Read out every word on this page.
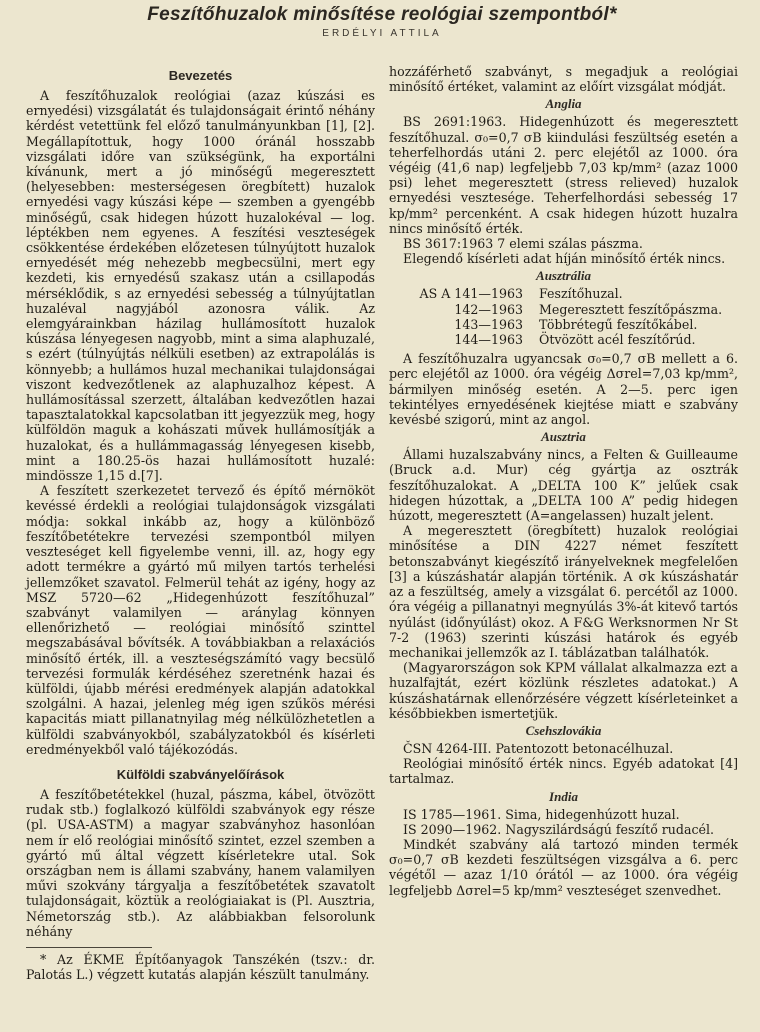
Feszítőhuzalok minősítése reológiai szempontból*
ERDÉLYI ATTILA
Bevezetés

A feszítőhuzalok reológiai (azaz kúszási es ernyedési) vizsgálatát és tulajdonságait érintő néhány kérdést vetettünk fel előző tanulmányunkban [1], [2]. Megállapítottuk, hogy 1000 óránál hosszabb vizsgálati időre van szükségünk, ha exportálni kívánunk, mert a jó minőségű megeresztett (helyesebben: mesterségesen öregbített) huzalok ernyedési vagy kúszási képe — szemben a gyengébb minőségű, csak hidegen húzott huzalokéval — log. léptékben nem egyenes. A feszítési veszteségek csökkentése érdekében előzetesen túlnyújtott huzalok ernyedését még nehezebb megbecsülni, mert egy kezdeti, kis ernyedésű szakasz után a csillapodás mérséklődik, s az ernyedési sebesség a túlnyújtatlan huzaléval nagyjából azonosra válik. Az elemgyárainkban házilag hullámosított huzalok kúszása lényegesen nagyobb, mint a sima alaphuzalé, s ezért (túlnyújtás nélküli esetben) az extrapolálás is könnyebb; a hullámos huzal mechanikai tulajdonságai viszont kedvezőtlenek az alaphuzalhoz képest. A hullámosítással szerzett, általában kedvezőtlen hazai tapasztalatokkal kapcsolatban itt jegyezzük meg, hogy külföldön maguk a kohászati művek hullámosítják a huzalokat, és a hullámmagasság lényegesen kisebb, mint a 180.25-ös hazai hullámosított huzalé: mindössze 1,15 d.[7].

A feszített szerkezetet tervező és építő mérnököt kevéssé érdekli a reológiai tulajdonságok vizsgálati módja: sokkal inkább az, hogy a különböző feszítőbetétekre tervezési szempontból milyen veszteséget kell figyelembe venni, ill. az, hogy egy adott termékre a gyártó mű milyen tartós terhelési jellemzőket szavatol. Felmerül tehát az igény, hogy az MSZ 5720—62 „Hidegenhúzott feszítőhuzal” szabványt valamilyen — aránylag könnyen ellenőrizhető — reológiai minősítő szinttel megszabásával bővítsék. A továbbiakban a relaxációs minősítő érték, ill. a veszteségszámító vagy becsülő tervezési formulák kérdéséhez szeretnénk hazai és külföldi, újabb mérési eredmények alapján adatokkal szolgálni. A hazai, jelenleg még igen szűkös mérési kapacitás miatt pillanatnyilag még nélkülözhetetlen a külföldi szabványokból, szabályzatokból és kísérleti eredményekből való tájékozódás.

Külföldi szabványelőírások

A feszítőbetétekkel (huzal, pászma, kábel, ötvözött rudak stb.) foglalkozó külföldi szabványok egy része (pl. USA-ASTM) a magyar szabványhoz hasonlóan nem ír elő reológiai minősítő szintet, ezzel szemben a gyártó mű által végzett kísérletekre utal. Sok országban nem is állami szabvány, hanem valamilyen művi szokvány tárgyalja a feszítőbetétek szavatolt tulajdonságait, köztük a reológiaiakat is (Pl. Ausztria, Németország stb.). Az alábbiakban felsorolunk néhány

* Az ÉKME Építőanyagok Tanszékén (tszv.: dr. Palotás L.) végzett kutatás alapján készült tanulmány.

hozzáférhető szabványt, s megadjuk a reológiai minősítő értéket, valamint az előírt vizsgálat módját.

Anglia

BS 2691:1963. Hidegenhúzott és megeresztett feszítőhuzal. σ₀=0,7 σB kiindulási feszültség esetén a teherfelhordás utáni 2. perc elejétől az 1000. óra végéig (41,6 nap) legfeljebb 7,03 kp/mm² (azaz 1000 psi) lehet megeresztett (stress relieved) huzalok ernyedési vesztesége. Teherfelhordási sebesség 17 kp/mm² percenként. A csak hidegen húzott huzalra nincs minősítő érték.

BS 3617:1963 7 elemi szálas pászma.

Elegendő kísérleti adat híján minősítő érték nincs.

Ausztrália
AS A 141—1963	Feszítőhuzal.
142—1963	Megeresztett feszítőpászma.
143—1963	Többrétegű feszítőkábel.
144—1963	Ötvözött acél feszítőrúd.

A feszítőhuzalra ugyancsak σ₀=0,7 σB mellett a 6. perc elejétől az 1000. óra végéig Δσrel=7,03 kp/mm², bármilyen minőség esetén. A 2—5. perc igen tekintélyes ernyedésének kiejtése miatt e szabvány kevésbé szigorú, mint az angol.

Ausztria

Állami huzalszabvány nincs, a Felten & Guilleaume (Bruck a.d. Mur) cég gyártja az osztrák feszítőhuzalokat. A „DELTA 100 K” jelűek csak hidegen húzottak, a „DELTA 100 A” pedig hidegen húzott, megeresztett (A=angelassen) huzalt jelent.

A megeresztett (öregbített) huzalok reológiai minősítése a DIN 4227 német feszített betonszabványt kiegészítő irányelveknek megfelelően [3] a kúszáshatár alapján történik. A σk kúszáshatár az a feszültség, amely a vizsgálat 6. percétől az 1000. óra végéig a pillanatnyi megnyúlás 3%-át kitevő tartós nyúlást (időnyúlást) okoz. A F&G Werksnormen Nr St 7-2 (1963) szerinti kúszási határok és egyéb mechanikai jellemzők az I. táblázatban találhatók.

(Magyarországon sok KPM vállalat alkalmazza ezt a huzalfajtát, ezért közlünk részletes adatokat.) A kúszáshatárnak ellenőrzésére végzett kísérleteinket a későbbiekben ismertetjük.

Csehszlovákia

ČSN 4264-III. Patentozott betonacélhuzal.

Reológiai minősítő érték nincs. Egyéb adatokat [4] tartalmaz.

India

IS 1785—1961. Sima, hidegenhúzott huzal.

IS 2090—1962. Nagyszilárdságú feszítő rudacél.

Mindkét szabvány alá tartozó minden termék σ₀=0,7 σB kezdeti feszültségen vizsgálva a 6. perc végétől — azaz 1/10 órától — az 1000. óra végéig legfeljebb Δσrel=5 kp/mm² veszteséget szenvedhet.
